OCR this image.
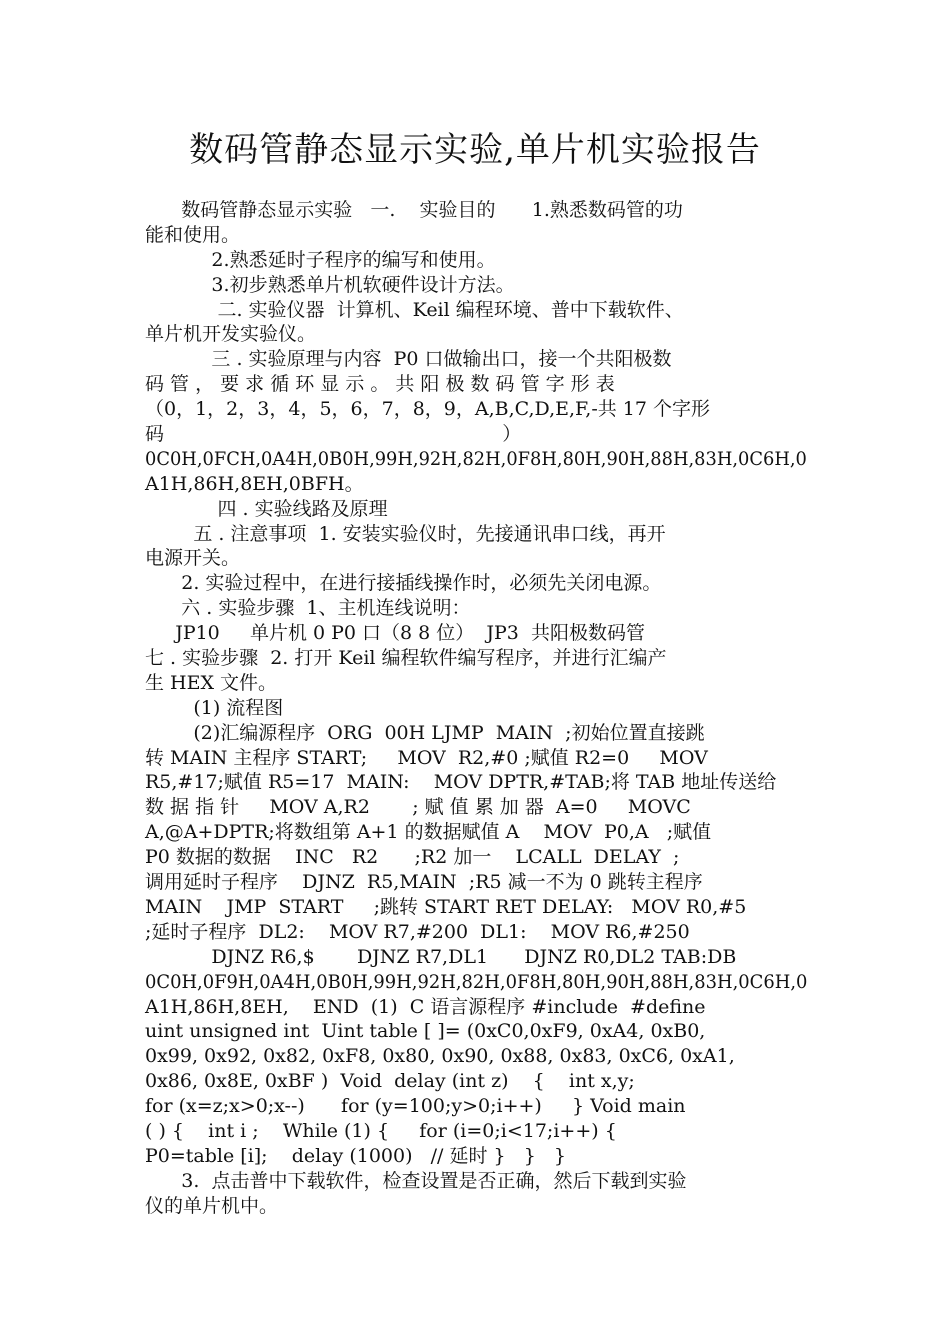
数码管静态显示实验,单片机实验报告
数码管静态显示实验   一.    实验目的      1.熟悉数码管的功
能和使用。
2.熟悉延时子程序的编写和使用。
3.初步熟悉单片机软硬件设计方法。
二. 实验仪器  计算机、Keil 编程环境、普中下载软件、
单片机开发实验仪。
三 . 实验原理与内容  P0 口做输出口，接一个共阳极数
码 管 ， 要 求 循 环 显 示 。 共 阳 极 数 码 管 字 形 表
（0，1，2，3，4，5，6，7，8，9，A,B,C,D,E,F,-共 17 个字形
码                                                        ）
0C0H,0FCH,0A4H,0B0H,99H,92H,82H,0F8H,80H,90H,88H,83H,0C6H,0
A1H,86H,8EH,0BFH。
四 . 实验线路及原理
五 . 注意事项  1. 安装实验仪时，先接通讯串口线，再开
电源开关。
2. 实验过程中，在进行接插线操作时，必须先关闭电源。
六 . 实验步骤  1、主机连线说明：
JP10     单片机 0 P0 口（8 8 位）  JP3  共阳极数码管
七 . 实验步骤  2. 打开 Keil 编程软件编写程序，并进行汇编产
生 HEX 文件。
(1) 流程图
(2)汇编源程序  ORG  00H LJMP  MAIN  ;初始位置直接跳
转 MAIN 主程序 START;     MOV  R2,#0 ;赋值 R2=0     MOV
R5,#17;赋值 R5=17  MAIN:    MOV DPTR,#TAB;将 TAB 地址传送给
数 据 指 针     MOV A,R2       ; 赋 值 累 加 器  A=0     MOVC
A,@A+DPTR;将数组第 A+1 的数据赋值 A    MOV  P0,A   ;赋值
P0 数据的数据    INC   R2      ;R2 加一    LCALL  DELAY  ;
调用延时子程序    DJNZ  R5,MAIN  ;R5 减一不为 0 跳转主程序
MAIN    JMP  START     ;跳转 START RET DELAY:   MOV R0,#5
;延时子程序  DL2:    MOV R7,#200  DL1:    MOV R6,#250
DJNZ R6,$       DJNZ R7,DL1      DJNZ R0,DL2 TAB:DB
0C0H,0F9H,0A4H,0B0H,99H,92H,82H,0F8H,80H,90H,88H,83H,0C6H,0
A1H,86H,8EH,    END  (1)  C 语言源程序 #include  #define
uint unsigned int  Uint table [ ]= (0xC0,0xF9, 0xA4, 0xB0,
0x99, 0x92, 0x82, 0xF8, 0x80, 0x90, 0x88, 0x83, 0xC6, 0xA1,
0x86, 0x8E, 0xBF )  Void  delay (int z)    {    int x,y;
for (x=z;x>0;x--)      for (y=100;y>0;i++)     } Void main
( ) {    int i ;    While (1) {     for (i=0;i<17;i++) {
P0=table [i];    delay (1000)   // 延时 }   }   }
3.  点击普中下载软件，检查设置是否正确，然后下载到实验
仪的单片机中。
